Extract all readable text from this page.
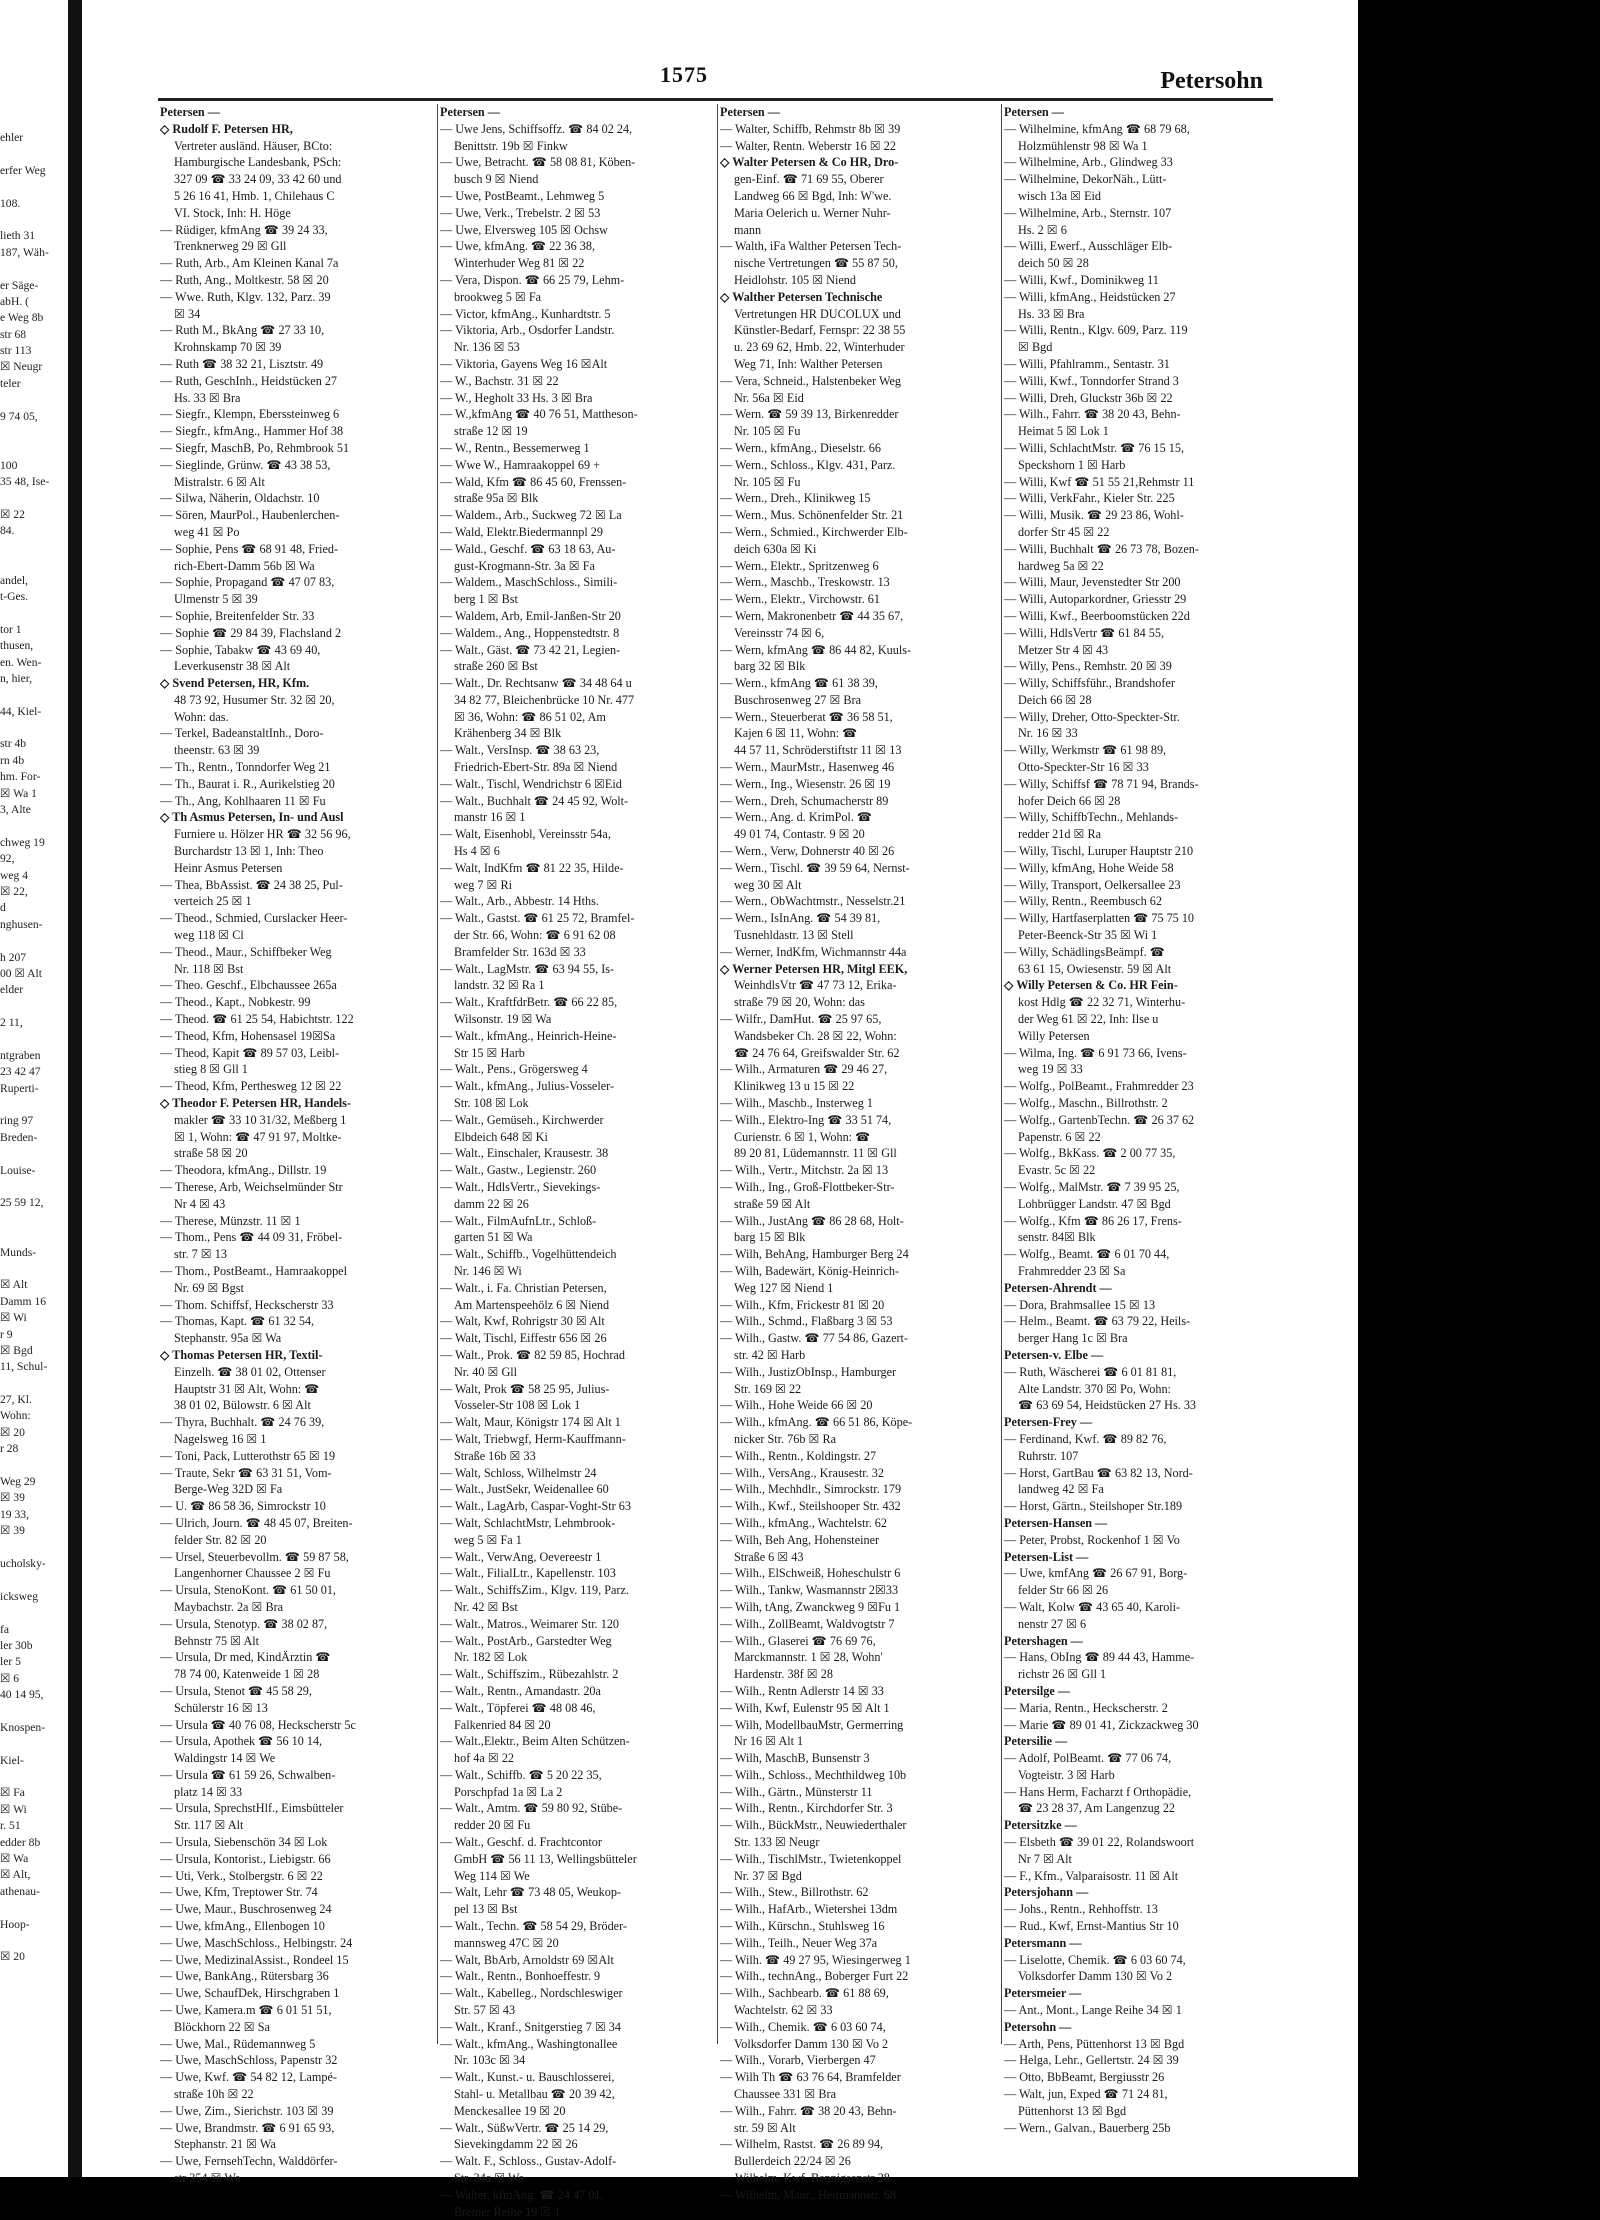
ehler
erfer Weg
108.
lieth 31
187, Wäh-
er Säge-
abH. (
e Weg 8b
str 68
str 113
☒ Neugr
teler
9 74 05,
100
35 48, Ise-
☒ 22
84.
andel,
t-Ges.
tor 1
thusen,
en. Wen-
n, hier,
44, Kiel-
str 4b
rn 4b
hm. For-
☒ Wa 1
3, Alte
chweg 19
92,
weg 4
☒ 22,
d
nghusen-
h 207
00 ☒ Alt
elder
2 11,
ntgraben
23 42 47
Ruperti-
ring 97
Breden-
Louise-
25 59 12,
Munds-
☒ Alt
Damm 16
☒ Wi
r 9
☒ Bgd
11, Schul-
27, Kl.
Wohn:
☒ 20
r 28
Weg 29
☒ 39
19 33,
☒ 39
ucholsky-
icksweg
fa
ler 30b
ler 5
☒ 6
40 14 95,
Knospen-
Kiel-
☒ Fa
☒ Wi
r. 51
edder 8b
☒ Wa
☒ Alt,
athenau-
Hoop-
☒ 20
1575	Petersohn
Petersen —
◇ Rudolf F. Petersen HR,
Vertreter ausländ. Häuser, BCto:
Hamburgische Landesbank, PSch:
327 09 ☎ 33 24 09, 33 42 60 und
5 26 16 41, Hmb. 1, Chilehaus C
VI. Stock, Inh: H. Höge
— Rüdiger, kfmAng ☎ 39 24 33,
Trenknerweg 29 ☒ Gll
— Ruth, Arb., Am Kleinen Kanal 7a
— Ruth, Ang., Moltkestr. 58 ☒ 20
— Wwe. Ruth, Klgv. 132, Parz. 39
☒ 34
— Ruth M., BkAng ☎ 27 33 10,
Krohnskamp 70 ☒ 39
— Ruth ☎ 38 32 21, Lisztstr. 49
— Ruth, GeschInh., Heidstücken 27
Hs. 33 ☒ Bra
— Siegfr., Klempn, Eberssteinweg 6
— Siegfr., kfmAng., Hammer Hof 38
— Siegfr, MaschB, Po, Rehmbrook 51
— Sieglinde, Grünw. ☎ 43 38 53,
Mistralstr. 6 ☒ Alt
— Silwa, Näherin, Oldachstr. 10
— Sören, MaurPol., Haubenlerchen-
weg 41 ☒ Po
— Sophie, Pens ☎ 68 91 48, Fried-
rich-Ebert-Damm 56b ☒ Wa
— Sophie, Propagand ☎ 47 07 83,
Ulmenstr 5 ☒ 39
— Sophie, Breitenfelder Str. 33
— Sophie ☎ 29 84 39, Flachsland 2
— Sophie, Tabakw ☎ 43 69 40,
Leverkusenstr 38 ☒ Alt
◇ Svend Petersen, HR, Kfm.
48 73 92, Husumer Str. 32 ☒ 20,
Wohn: das.
— Terkel, BadeanstaltInh., Doro-
theenstr. 63 ☒ 39
— Th., Rentn., Tonndorfer Weg 21
— Th., Baurat i. R., Aurikelstieg 20
— Th., Ang, Kohlhaaren 11 ☒ Fu
◇ Th Asmus Petersen, In- und Ausl
Furniere u. Hölzer HR ☎ 32 56 96,
Burchardstr 13 ☒ 1, Inh: Theo
Heinr Asmus Petersen
— Thea, BbAssist. ☎ 24 38 25, Pul-
verteich 25 ☒ 1
— Theod., Schmied, Curslacker Heer-
weg 118 ☒ Cl
— Theod., Maur., Schiffbeker Weg
Nr. 118 ☒ Bst
— Theo. Geschf., Elbchaussee 265a
— Theod., Kapt., Nobkestr. 99
— Theod. ☎ 61 25 54, Habichtstr. 122
— Theod, Kfm, Hohensasel 19☒Sa
— Theod, Kapit ☎ 89 57 03, Leibl-
stieg 8 ☒ Gll 1
— Theod, Kfm, Perthesweg 12 ☒ 22
◇ Theodor F. Petersen HR, Handels-
makler ☎ 33 10 31/32, Meßberg 1
☒ 1, Wohn: ☎ 47 91 97, Moltke-
straße 58 ☒ 20
— Theodora, kfmAng., Dillstr. 19
— Therese, Arb, Weichselmünder Str
Nr 4 ☒ 43
— Therese, Münzstr. 11 ☒ 1
— Thom., Pens ☎ 44 09 31, Fröbel-
str. 7 ☒ 13
— Thom., PostBeamt., Hamraakoppel
Nr. 69 ☒ Bgst
— Thom. Schiffsf, Heckscherstr 33
— Thomas, Kapt. ☎ 61 32 54,
Stephanstr. 95a ☒ Wa
◇ Thomas Petersen HR, Textil-
Einzelh. ☎ 38 01 02, Ottenser
Hauptstr 31 ☒ Alt, Wohn: ☎
38 01 02, Bülowstr. 6 ☒ Alt
— Thyra, Buchhalt. ☎ 24 76 39,
Nagelsweg 16 ☒ 1
— Toni, Pack, Lutterothstr 65 ☒ 19
— Traute, Sekr ☎ 63 31 51, Vom-
Berge-Weg 32D ☒ Fa
— U. ☎ 86 58 36, Simrockstr 10
— Ulrich, Journ. ☎ 48 45 07, Breiten-
felder Str. 82 ☒ 20
— Ursel, Steuerbevollm. ☎ 59 87 58,
Langenhorner Chaussee 2 ☒ Fu
— Ursula, StenoKont. ☎ 61 50 01,
Maybachstr. 2a ☒ Bra
— Ursula, Stenotyp. ☎ 38 02 87,
Behnstr 75 ☒ Alt
— Ursula, Dr med, KindÄrztin ☎
78 74 00, Katenweide 1 ☒ 28
— Ursula, Stenot ☎ 45 58 29,
Schülerstr 16 ☒ 13
— Ursula ☎ 40 76 08, Heckscherstr 5c
— Ursula, Apothek ☎ 56 10 14,
Waldingstr 14 ☒ We
— Ursula ☎ 61 59 26, Schwalben-
platz 14 ☒ 33
— Ursula, SprechstHlf., Eimsbütteler
Str. 117 ☒ Alt
— Ursula, Siebenschön 34 ☒ Lok
— Ursula, Kontorist., Liebigstr. 66
— Uti, Verk., Stolbergstr. 6 ☒ 22
— Uwe, Kfm, Treptower Str. 74
— Uwe, Maur., Buschrosenweg 24
— Uwe, kfmAng., Ellenbogen 10
— Uwe, MaschSchloss., Helbingstr. 24
— Uwe, MedizinalAssist., Rondeel 15
— Uwe, BankAng., Rütersbarg 36
— Uwe, SchaufDek, Hirschgraben 1
— Uwe, Kamera.m ☎ 6 01 51 51,
Blöckhorn 22 ☒ Sa
— Uwe, Mal., Rüdemannweg 5
— Uwe, MaschSchloss, Papenstr 32
— Uwe, Kwf. ☎ 54 82 12, Lampé-
straße 10h ☒ 22
— Uwe, Zim., Sierichstr. 103 ☒ 39
— Uwe, Brandmstr. ☎ 6 91 65 93,
Stephanstr. 21 ☒ Wa
— Uwe, FernsehTechn, Walddörfer-
str 354 ☒ Wa
Petersen —
— Uwe Jens, Schiffsoffz. ☎ 84 02 24,
Benittstr. 19b ☒ Finkw
— Uwe, Betracht. ☎ 58 08 81, Köben-
busch 9 ☒ Niend
— Uwe, PostBeamt., Lehmweg 5
— Uwe, Verk., Trebelstr. 2 ☒ 53
— Uwe, Elversweg 105 ☒ Ochsw
— Uwe, kfmAng. ☎ 22 36 38,
Winterhuder Weg 81 ☒ 22
— Vera, Dispon. ☎ 66 25 79, Lehm-
brookweg 5 ☒ Fa
— Victor, kfmAng., Kunhardtstr. 5
— Viktoria, Arb., Osdorfer Landstr.
Nr. 136 ☒ 53
— Viktoria, Gayens Weg 16 ☒Alt
— W., Bachstr. 31 ☒ 22
— W., Hegholt 33 Hs. 3 ☒ Bra
— W.,kfmAng ☎ 40 76 51, Mattheson-
straße 12 ☒ 19
— W., Rentn., Bessemerweg 1
— Wwe W., Hamraakoppel 69 +
— Wald, Kfm ☎ 86 45 60, Frenssen-
straße 95a ☒ Blk
— Waldem., Arb., Suckweg 72 ☒ La
— Wald, Elektr.Biedermannpl 29
— Wald., Geschf. ☎ 63 18 63, Au-
gust-Krogmann-Str. 3a ☒ Fa
— Waldem., MaschSchloss., Simili-
berg 1 ☒ Bst
— Waldem, Arb, Emil-Janßen-Str 20
— Waldem., Ang., Hoppenstedtstr. 8
— Walt., Gäst. ☎ 73 42 21, Legien-
straße 260 ☒ Bst
— Walt., Dr. Rechtsanw ☎ 34 48 64 u
34 82 77, Bleichenbrücke 10 Nr. 477
☒ 36, Wohn: ☎ 86 51 02, Am
Krähenberg 34 ☒ Blk
— Walt., VersInsp. ☎ 38 63 23,
Friedrich-Ebert-Str. 89a ☒ Niend
— Walt., Tischl, Wendrichstr 6 ☒Eid
— Walt., Buchhalt ☎ 24 45 92, Wolt-
manstr 16 ☒ 1
— Walt, Eisenhobl, Vereinsstr 54a,
Hs 4 ☒ 6
— Walt, IndKfm ☎ 81 22 35, Hilde-
weg 7 ☒ Ri
— Walt., Arb., Abbestr. 14 Hths.
— Walt., Gastst. ☎ 61 25 72, Bramfel-
der Str. 66, Wohn: ☎ 6 91 62 08
Bramfelder Str. 163d ☒ 33
— Walt., LagMstr. ☎ 63 94 55, Is-
landstr. 32 ☒ Ra 1
— Walt., KraftfdrBetr. ☎ 66 22 85,
Wilsonstr. 19 ☒ Wa
— Walt., kfmAng., Heinrich-Heine-
Str 15 ☒ Harb
— Walt., Pens., Grögersweg 4
— Walt., kfmAng., Julius-Vosseler-
Str. 108 ☒ Lok
— Walt., Gemüseh., Kirchwerder
Elbdeich 648 ☒ Ki
— Walt., Einschaler, Krausestr. 38
— Walt., Gastw., Legienstr. 260
— Walt., HdlsVertr., Sievekings-
damm 22 ☒ 26
— Walt., FilmAufnLtr., Schloß-
garten 51 ☒ Wa
— Walt., Schiffb., Vogelhüttendeich
Nr. 146 ☒ Wi
— Walt., i. Fa. Christian Petersen,
Am Martenspeehölz 6 ☒ Niend
— Walt, Kwf, Rohrigstr 30 ☒ Alt
— Walt, Tischl, Eiffestr 656 ☒ 26
— Walt., Prok. ☎ 82 59 85, Hochrad
Nr. 40 ☒ Gll
— Walt, Prok ☎ 58 25 95, Julius-
Vosseler-Str 108 ☒ Lok 1
— Walt, Maur, Königstr 174 ☒ Alt 1
— Walt, Triebwgf, Herm-Kauffmann-
Straße 16b ☒ 33
— Walt, Schloss, Wilhelmstr 24
— Walt., JustSekr, Weidenallee 60
— Walt., LagArb, Caspar-Voght-Str 63
— Walt, SchlachtMstr, Lehmbrook-
weg 5 ☒ Fa 1
— Walt., VerwAng, Oevereestr 1
— Walt., FilialLtr., Kapellenstr. 103
— Walt., SchiffsZim., Klgv. 119, Parz.
Nr. 42 ☒ Bst
— Walt., Matros., Weimarer Str. 120
— Walt., PostArb., Garstedter Weg
Nr. 182 ☒ Lok
— Walt., Schiffszim., Rübezahlstr. 2
— Walt., Rentn., Amandastr. 20a
— Walt., Töpferei ☎ 48 08 46,
Falkenried 84 ☒ 20
— Walt.,Elektr., Beim Alten Schützen-
hof 4a ☒ 22
— Walt., Schiffb. ☎ 5 20 22 35,
Porschpfad 1a ☒ La 2
— Walt., Amtm. ☎ 59 80 92, Stübe-
redder 20 ☒ Fu
— Walt., Geschf. d. Frachtcontor
GmbH ☎ 56 11 13, Wellingsbütteler
Weg 114 ☒ We
— Walt, Lehr ☎ 73 48 05, Weukop-
pel 13 ☒ Bst
— Walt., Techn. ☎ 58 54 29, Bröder-
mannsweg 47C ☒ 20
— Walt, BbArb, Arnoldstr 69 ☒Alt
— Walt., Rentn., Bonhoeffestr. 9
— Walt., Kabelleg., Nordschleswiger
Str. 57 ☒ 43
— Walt., Kranf., Snitgerstieg 7 ☒ 34
— Walt., kfmAng., Washingtonallee
Nr. 103c ☒ 34
— Walt., Kunst.- u. Bauschlosserei,
Stahl- u. Metallbau ☎ 20 39 42,
Menckesallee 19 ☒ 20
— Walt., SüßwVertr. ☎ 25 14 29,
Sievekingdamm 22 ☒ 26
— Walt. F., Schloss., Gustav-Adolf-
Str. 34a ☒ Wa
— Walter, kfmAng. ☎ 24 47 01,
Bremer Reihe 19 ☒ 1
Petersen —
— Walter, Schiffb, Rehmstr 8b ☒ 39
— Walter, Rentn. Weberstr 16 ☒ 22
◇ Walter Petersen & Co HR, Dro-
gen-Einf. ☎ 71 69 55, Oberer
Landweg 66 ☒ Bgd, Inh: W'we.
Maria Oelerich u. Werner Nuhr-
mann
— Walth, iFa Walther Petersen Tech-
nische Vertretungen ☎ 55 87 50,
Heidlohstr. 105 ☒ Niend
◇ Walther Petersen Technische
Vertretungen HR DUCOLUX und
Künstler-Bedarf, Fernspr: 22 38 55
u. 23 69 62, Hmb. 22, Winterhuder
Weg 71, Inh: Walther Petersen
— Vera, Schneid., Halstenbeker Weg
Nr. 56a ☒ Eid
— Wern. ☎ 59 39 13, Birkenredder
Nr. 105 ☒ Fu
— Wern., kfmAng., Dieselstr. 66
— Wern., Schloss., Klgv. 431, Parz.
Nr. 105 ☒ Fu
— Wern., Dreh., Klinikweg 15
— Wern., Mus. Schönenfelder Str. 21
— Wern., Schmied., Kirchwerder Elb-
deich 630a ☒ Ki
— Wern., Elektr., Spritzenweg 6
— Wern., Maschb., Treskowstr. 13
— Wern., Elektr., Virchowstr. 61
— Wern, Makronenbetr ☎ 44 35 67,
Vereinsstr 74 ☒ 6,
— Wern, kfmAng ☎ 86 44 82, Kuuls-
barg 32 ☒ Blk
— Wern., kfmAng ☎ 61 38 39,
Buschrosenweg 27 ☒ Bra
— Wern., Steuerberat ☎ 36 58 51,
Kajen 6 ☒ 11, Wohn: ☎
44 57 11, Schröderstiftstr 11 ☒ 13
— Wern., MaurMstr., Hasenweg 46
— Wern., Ing., Wiesenstr. 26 ☒ 19
— Wern., Dreh, Schumacherstr 89
— Wern., Ang. d. KrimPol. ☎
49 01 74, Contastr. 9 ☒ 20
— Wern., Verw, Dohnerstr 40 ☒ 26
— Wern., Tischl. ☎ 39 59 64, Nernst-
weg 30 ☒ Alt
— Wern., ObWachtmstr., Nesselstr.21
— Wern., IsInAng. ☎ 54 39 81,
Tusnehldastr. 13 ☒ Stell
— Werner, IndKfm, Wichmannstr 44a
◇ Werner Petersen HR, Mitgl EEK,
WeinhdlsVtr ☎ 47 73 12, Erika-
straße 79 ☒ 20, Wohn: das
— Wilfr., DamHut. ☎ 25 97 65,
Wandsbeker Ch. 28 ☒ 22, Wohn:
☎ 24 76 64, Greifswalder Str. 62
— Wilh., Armaturen ☎ 29 46 27,
Klinikweg 13 u 15 ☒ 22
— Wilh., Maschb., Insterweg 1
— Wilh., Elektro-Ing ☎ 33 51 74,
Curienstr. 6 ☒ 1, Wohn: ☎
89 20 81, Lüdemannstr. 11 ☒ Gll
— Wilh., Vertr., Mitchstr. 2a ☒ 13
— Wilh., Ing., Groß-Flottbeker-Str-
straße 59 ☒ Alt
— Wilh., JustAng ☎ 86 28 68, Holt-
barg 15 ☒ Blk
— Wilh, BehAng, Hamburger Berg 24
— Wilh, Badewärt, König-Heinrich-
Weg 127 ☒ Niend 1
— Wilh., Kfm, Frickestr 81 ☒ 20
— Wilh., Schmd., Flaßbarg 3 ☒ 53
— Wilh., Gastw. ☎ 77 54 86, Gazert-
str. 42 ☒ Harb
— Wilh., JustizObInsp., Hamburger
Str. 169 ☒ 22
— Wilh., Hohe Weide 66 ☒ 20
— Wilh., kfmAng. ☎ 66 51 86, Köpe-
nicker Str. 76b ☒ Ra
— Wilh., Rentn., Koldingstr. 27
— Wilh., VersAng., Krausestr. 32
— Wilh., Mechhdlr., Simrockstr. 179
— Wilh., Kwf., Steilshooper Str. 432
— Wilh., kfmAng., Wachtelstr. 62
— Wilh, Beh Ang, Hohensteiner
Straße 6 ☒ 43
— Wilh., ElSchweiß, Hoheschulstr 6
— Wilh., Tankw, Wasmannstr 2☒33
— Wilh, tAng, Zwanckweg 9 ☒Fu 1
— Wilh., ZollBeamt, Waldvogtstr 7
— Wilh., Glaserei ☎ 76 69 76,
Marckmannstr. 1 ☒ 28, Wohn'
Hardenstr. 38f ☒ 28
— Wilh., Rentn Adlerstr 14 ☒ 33
— Wilh, Kwf, Eulenstr 95 ☒ Alt 1
— Wilh, ModellbauMstr, Germerring
Nr 16 ☒ Alt 1
— Wilh, MaschB, Bunsenstr 3
— Wilh., Schloss., Mechthildweg 10b
— Wilh., Gärtn., Münsterstr 11
— Wilh., Rentn., Kirchdorfer Str. 3
— Wilh., BückMstr., Neuwiederthaler
Str. 133 ☒ Neugr
— Wilh., TischlMstr., Twietenkoppel
Nr. 37 ☒ Bgd
— Wilh., Stew., Billrothstr. 62
— Wilh., HafArb., Wietershei 13dm
— Wilh., Kürschn., Stuhlsweg 16
— Wilh., Teilh., Neuer Weg 37a
— Wilh. ☎ 49 27 95, Wiesingerweg 1
— Wilh., technAng., Boberger Furt 22
— Wilh., Sachbearb. ☎ 61 88 69,
Wachtelstr. 62 ☒ 33
— Wilh., Chemik. ☎ 6 03 60 74,
Volksdorfer Damm 130 ☒ Vo 2
— Wilh., Vorarb, Vierbergen 47
— Wilh Th ☎ 63 76 64, Bramfelder
Chaussee 331 ☒ Bra
— Wilh., Fahrr. ☎ 38 20 43, Behn-
str. 59 ☒ Alt
— Wilhelm, Rastst. ☎ 26 89 94,
Bullerdeich 22/24 ☒ 26
— Wilhelm, Kwf, Bennigsenstr 28
— Wilhelm, Maur., Heitmannstr. 68
Petersen —
— Wilhelmine, kfmAng ☎ 68 79 68,
Holzmühlenstr 98 ☒ Wa 1
— Wilhelmine, Arb., Glindweg 33
— Wilhelmine, DekorNäh., Lütt-
wisch 13a ☒ Eid
— Wilhelmine, Arb., Sternstr. 107
Hs. 2 ☒ 6
— Willi, Ewerf., Ausschläger Elb-
deich 50 ☒ 28
— Willi, Kwf., Dominikweg 11
— Willi, kfmAng., Heidstücken 27
Hs. 33 ☒ Bra
— Willi, Rentn., Klgv. 609, Parz. 119
☒ Bgd
— Willi, Pfahlramm., Sentastr. 31
— Willi, Kwf., Tonndorfer Strand 3
— Willi, Dreh, Gluckstr 36b ☒ 22
— Wilh., Fahrr. ☎ 38 20 43, Behn-
Heimat 5 ☒ Lok 1
— Willi, SchlachtMstr. ☎ 76 15 15,
Speckshorn 1 ☒ Harb
— Willi, Kwf ☎ 51 55 21,Rehmstr 11
— Willi, VerkFahr., Kieler Str. 225
— Willi, Musik. ☎ 29 23 86, Wohl-
dorfer Str 45 ☒ 22
— Willi, Buchhalt ☎ 26 73 78, Bozen-
hardweg 5a ☒ 22
— Willi, Maur, Jevenstedter Str 200
— Willi, Autoparkordner, Griesstr 29
— Willi, Kwf., Beerboomstücken 22d
— Willi, HdlsVertr ☎ 61 84 55,
Metzer Str 4 ☒ 43
— Willy, Pens., Remhstr. 20 ☒ 39
— Willy, Schiffsführ., Brandshofer
Deich 66 ☒ 28
— Willy, Dreher, Otto-Speckter-Str.
Nr. 16 ☒ 33
— Willy, Werkmstr ☎ 61 98 89,
Otto-Speckter-Str 16 ☒ 33
— Willy, Schiffsf ☎ 78 71 94, Brands-
hofer Deich 66 ☒ 28
— Willy, SchiffbTechn., Mehlands-
redder 21d ☒ Ra
— Willy, Tischl, Luruper Hauptstr 210
— Willy, kfmAng, Hohe Weide 58
— Willy, Transport, Oelkersallee 23
— Willy, Rentn., Reembusch 62
— Willy, Hartfaserplatten ☎ 75 75 10
Peter-Beenck-Str 35 ☒ Wi 1
— Willy, SchädlingsBeämpf. ☎
63 61 15, Owiesenstr. 59 ☒ Alt
◇ Willy Petersen & Co. HR Fein-
kost Hdlg ☎ 22 32 71, Winterhu-
der Weg 61 ☒ 22, Inh: Ilse u
Willy Petersen
— Wilma, Ing. ☎ 6 91 73 66, Ivens-
weg 19 ☒ 33
— Wolfg., PolBeamt., Frahmredder 23
— Wolfg., Maschn., Billrothstr. 2
— Wolfg., GartenbTechn. ☎ 26 37 62
Papenstr. 6 ☒ 22
— Wolfg., BkKass. ☎ 2 00 77 35,
Evastr. 5c ☒ 22
— Wolfg., MalMstr. ☎ 7 39 95 25,
Lohbrügger Landstr. 47 ☒ Bgd
— Wolfg., Kfm ☎ 86 26 17, Frens-
senstr. 84☒ Blk
— Wolfg., Beamt. ☎ 6 01 70 44,
Frahmredder 23 ☒ Sa
Petersen-Ahrendt —
— Dora, Brahmsallee 15 ☒ 13
— Helm., Beamt. ☎ 63 79 22, Heils-
berger Hang 1c ☒ Bra
Petersen-v. Elbe —
— Ruth, Wäscherei ☎ 6 01 81 81,
Alte Landstr. 370 ☒ Po, Wohn:
☎ 63 69 54, Heidstücken 27 Hs. 33
Petersen-Frey —
— Ferdinand, Kwf. ☎ 89 82 76,
Ruhrstr. 107
— Horst, GartBau ☎ 63 82 13, Nord-
landweg 42 ☒ Fa
— Horst, Gärtn., Steilshoper Str.189
Petersen-Hansen —
— Peter, Probst, Rockenhof 1 ☒ Vo
Petersen-List —
— Uwe, kmfAng ☎ 26 67 91, Borg-
felder Str 66 ☒ 26
— Walt, Kolw ☎ 43 65 40, Karoli-
nenstr 27 ☒ 6
Petershagen —
— Hans, ObIng ☎ 89 44 43, Hamme-
richstr 26 ☒ Gll 1
Petersilge —
— Maria, Rentn., Heckscherstr. 2
— Marie ☎ 89 01 41, Zickzackweg 30
Petersilie —
— Adolf, PolBeamt. ☎ 77 06 74,
Vogteistr. 3 ☒ Harb
— Hans Herm, Facharzt f Orthopädie,
☎ 23 28 37, Am Langenzug 22
Petersitzke —
— Elsbeth ☎ 39 01 22, Rolandswoort
Nr 7 ☒ Alt
— F., Kfm., Valparaisostr. 11 ☒ Alt
Petersjohann —
— Johs., Rentn., Rehhoffstr. 13
— Rud., Kwf, Ernst-Mantius Str 10
Petersmann —
— Liselotte, Chemik. ☎ 6 03 60 74,
Volksdorfer Damm 130 ☒ Vo 2
Petersmeier —
— Ant., Mont., Lange Reihe 34 ☒ 1
Petersohn —
— Arth, Pens, Püttenhorst 13 ☒ Bgd
— Helga, Lehr., Gellertstr. 24 ☒ 39
— Otto, BbBeamt, Bergiusstr 26
— Walt, jun, Exped ☎ 71 24 81,
Püttenhorst 13 ☒ Bgd
— Wern., Galvan., Bauerberg 25b
